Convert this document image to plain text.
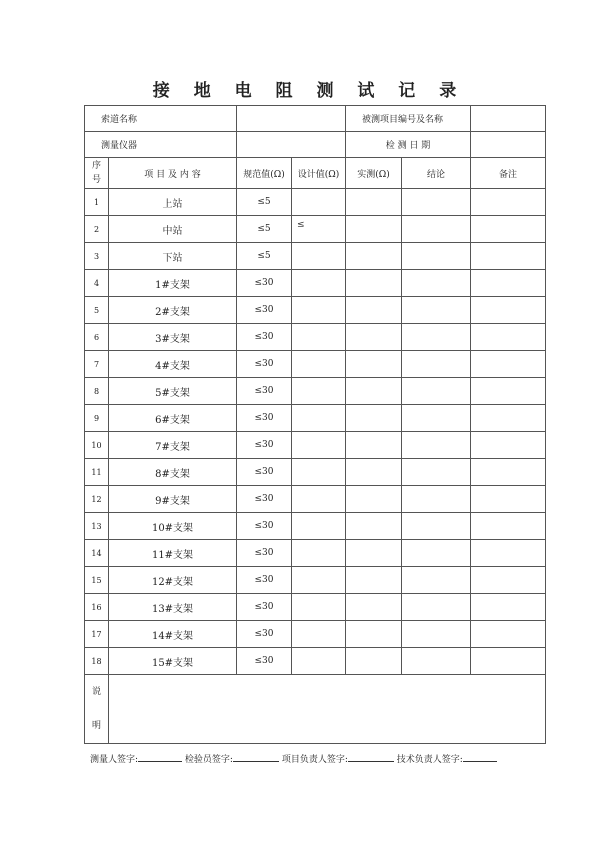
接 地 电 阻 测 试 记 录
索道名称				被测项目编号及名称		
测量仪器				检 测 日 期		
序
号	项 目 及 内 容	规范值(Ω)	设计值(Ω)	实测(Ω)	结论	备注
1	上站	≤5	

2	中站	≤5	≤			

3	下站	≤5	

4	1#支架	≤30	

5	2#支架	≤30	

6	3#支架	≤30	

7	4#支架	≤30	

8	5#支架	≤30	

9	6#支架	≤30	

10	7#支架	≤30	

11	8#支架	≤30	

12	9#支架	≤30	

13	10#支架	≤30	

14	11#支架	≤30	

15	12#支架	≤30	

16	13#支架	≤30	

17	14#支架	≤30	

18	15#支架	≤30	

说
明						
测量人签字:	检验员签字:	项目负责人签字:	技术负责人签字:
